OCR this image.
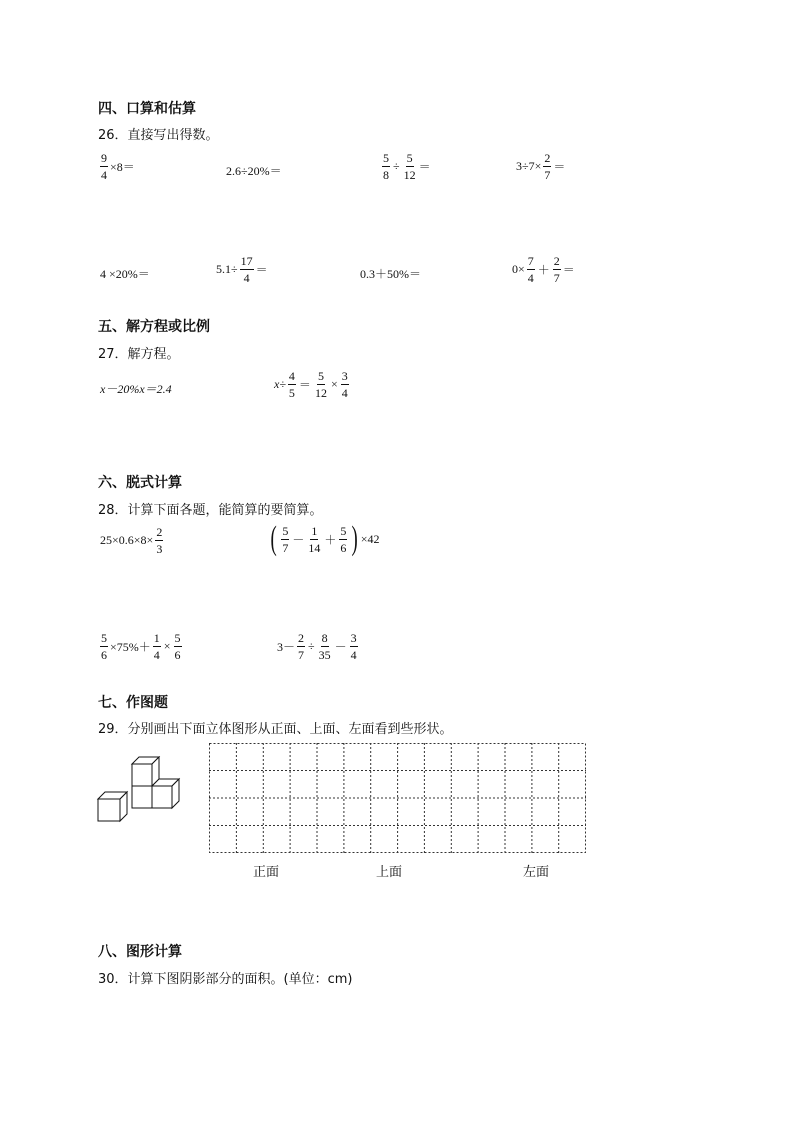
四、口算和估算
26．直接写出得数。
$\frac{9}{4} \times 8=$	2.6÷20%＝	$\frac{5}{8} \div \frac{5}{12}$ ＝	$3\div 7\times \frac{2}{7}$ ＝
4 ×20%＝	$5.1\div \frac{17}{4}$ ＝	0.3＋50%＝	$0\times \frac{7}{4} + \frac{2}{7}$ ＝
五、解方程或比例
27．解方程。
x－20%x＝2.4	$x\div \frac{4}{5} = \frac{5}{12} \times \frac{3}{4}$
六、脱式计算
28．计算下面各题，能简算的要简算。
$25\times 0.6\times 8\times \frac{2}{3}$	( $\frac{5}{7} - \frac{1}{14} + \frac{5}{6}$ ) ×42
$\frac{5}{6} \times 75\%+ \frac{1}{4} \times \frac{5}{6}$	$3- \frac{2}{7} \div \frac{8}{35} - \frac{3}{4}$
七、作图题
29．分别画出下面立体图形从正面、上面、左面看到些形状。
正面	上面	左面
八、图形计算
30．计算下图阴影部分的面积。(单位：cm)
